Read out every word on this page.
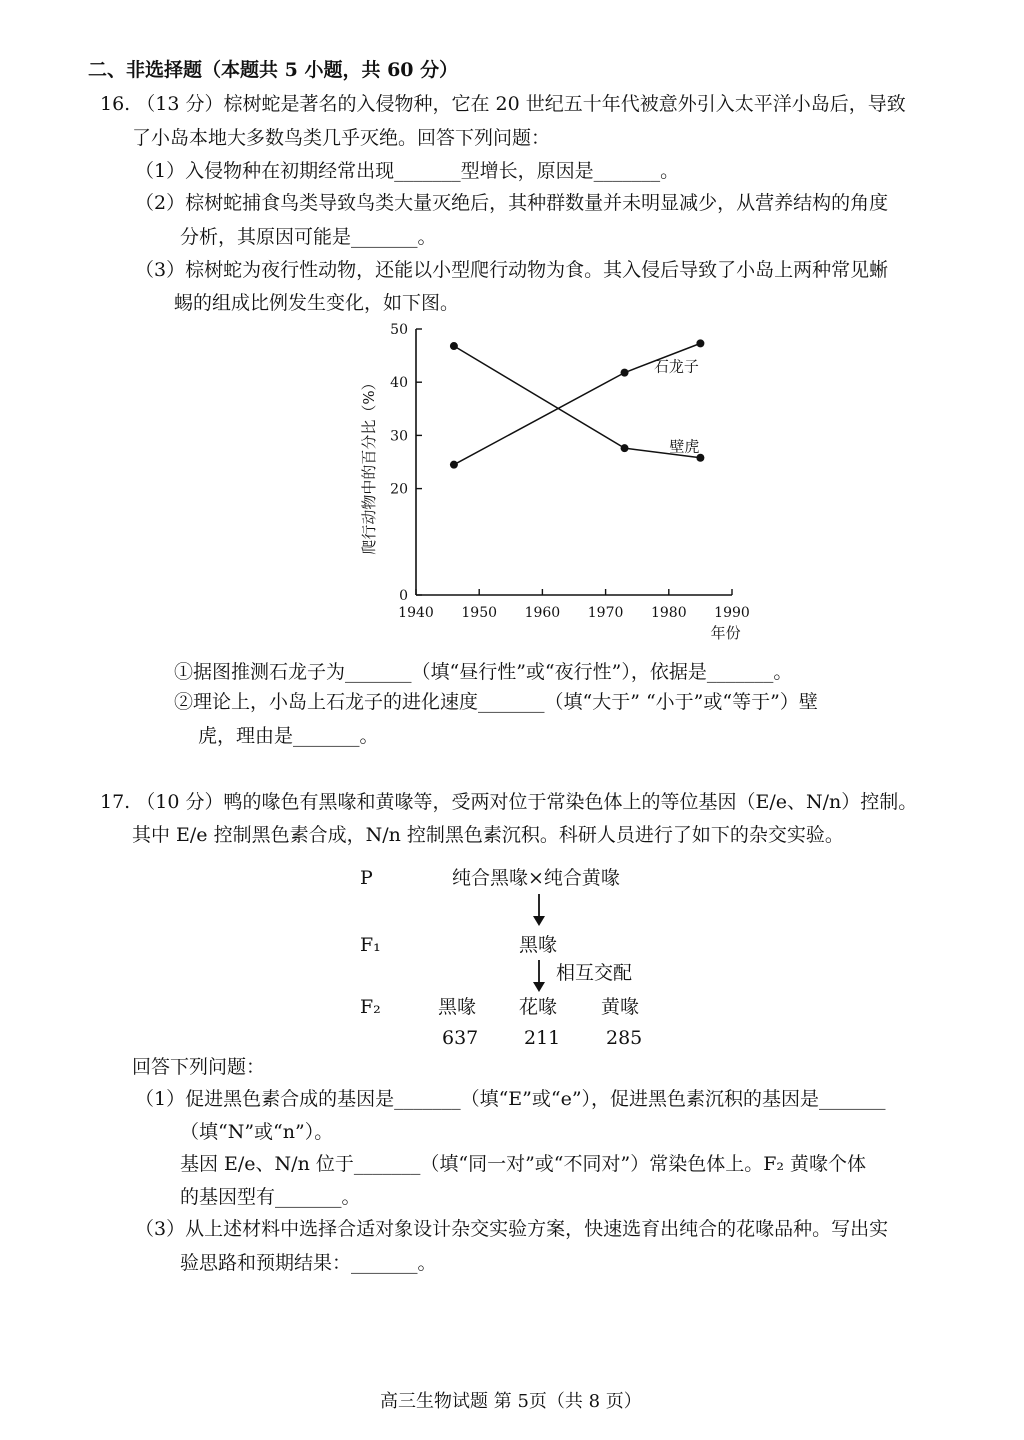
二、非选择题（本题共 5 小题，共 60 分）
16. （13 分）棕树蛇是著名的入侵物种，它在 20 世纪五十年代被意外引入太平洋小岛后，导致
了小岛本地大多数鸟类几乎灭绝。回答下列问题：
（1）入侵物种在初期经常出现_______型增长，原因是_______。
（2）棕树蛇捕食鸟类导致鸟类大量灭绝后，其种群数量并未明显减少，从营养结构的角度
分析，其原因可能是_______。
（3）棕树蛇为夜行性动物，还能以小型爬行动物为食。其入侵后导致了小岛上两种常见蜥
蜴的组成比例发生变化，如下图。
爬行动物中的百分比（%）
0
20
30
40
50
1940 1950 1960 1970 1980 1990
石龙子
壁虎
年份
①据图推测石龙子为_______（填“昼行性”或“夜行性”），依据是_______。
②理论上，小岛上石龙子的进化速度_______（填“大于” “小于”或“等于”）壁
虎，理由是_______。
17. （10 分）鸭的喙色有黑喙和黄喙等，受两对位于常染色体上的等位基因（E/e、N/n）控制。
其中 E/e 控制黑色素合成，N/n 控制黑色素沉积。科研人员进行了如下的杂交实验。
P	纯合黑喙×纯合黄喙
F₁	黑喙
相互交配
F₂	黑喙 花喙 黄喙
637 211 285
回答下列问题：
（1）促进黑色素合成的基因是_______（填“E”或“e”），促进黑色素沉积的基因是_______
（填“N”或“n”）。
基因 E/e、N/n 位于_______（填“同一对”或“不同对”）常染色体上。F₂ 黄喙个体
的基因型有_______。
（3）从上述材料中选择合适对象设计杂交实验方案，快速选育出纯合的花喙品种。写出实
验思路和预期结果：_______。
高三生物试题 第 5页（共 8 页）
